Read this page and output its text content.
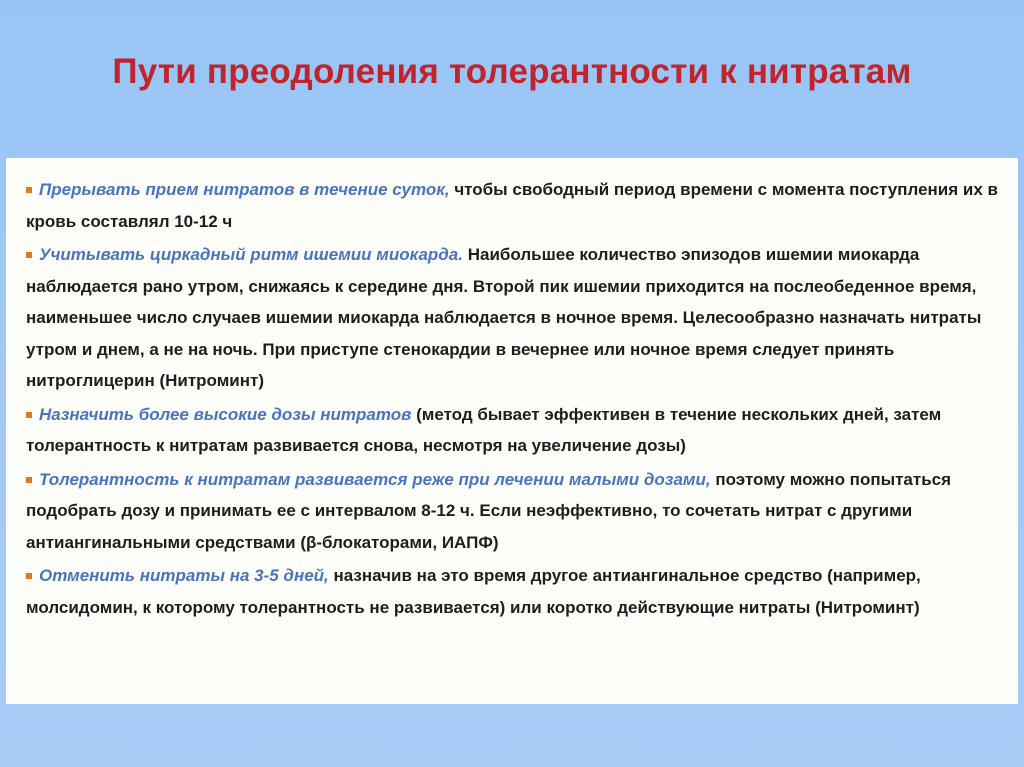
Пути преодоления толерантности к нитратам
Прерывать прием нитратов в течение суток, чтобы свободный период времени с момента поступления их в кровь составлял 10-12 ч
Учитывать циркадный ритм ишемии миокарда. Наибольшее количество эпизодов ишемии миокарда наблюдается рано утром, снижаясь к середине дня. Второй пик ишемии приходится на послеобеденное время, наименьшее число случаев ишемии миокарда наблюдается в ночное время. Целесообразно назначать нитраты утром и днем, а не на ночь. При приступе стенокардии в вечернее или ночное время следует принять нитроглицерин (Нитроминт)
Назначить более высокие дозы нитратов (метод бывает эффективен в течение нескольких дней, затем толерантность к нитратам развивается снова, несмотря на увеличение дозы)
Толерантность к нитратам развивается реже при лечении малыми дозами, поэтому можно попытаться подобрать дозу и принимать ее с интервалом 8-12 ч. Если неэффективно, то сочетать нитрат с другими антиангинальными средствами (β-блокаторами, ИАПФ)
Отменить нитраты на 3-5 дней, назначив на это время другое антиангинальное средство (например, молсидомин, к которому толерантность не развивается) или коротко действующие нитраты (Нитроминт)
